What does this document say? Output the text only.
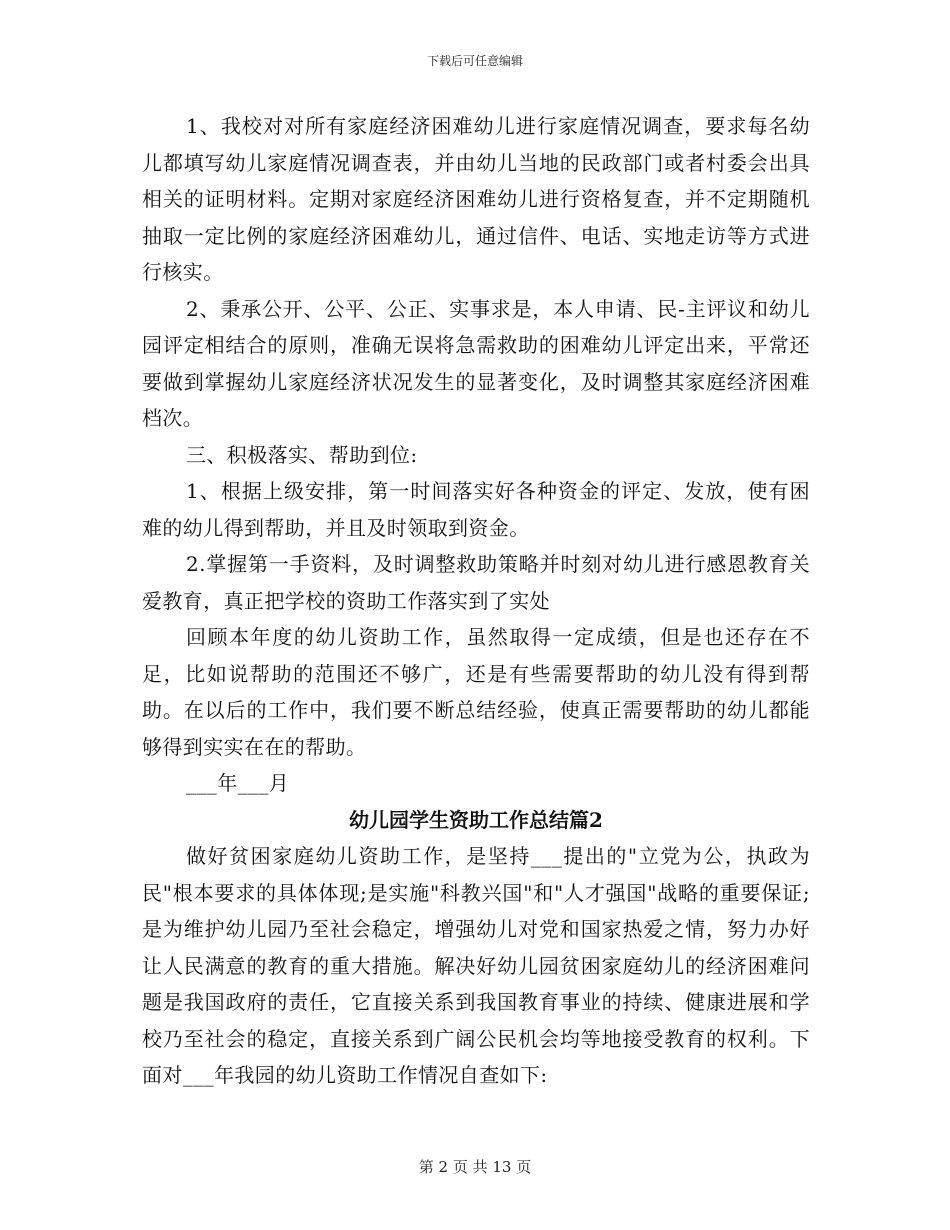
下载后可任意编辑

1、我校对对所有家庭经济困难幼儿进行家庭情况调查，要求每名幼儿都填写幼儿家庭情况调查表，并由幼儿当地的民政部门或者村委会出具相关的证明材料。定期对家庭经济困难幼儿进行资格复查，并不定期随机抽取一定比例的家庭经济困难幼儿，通过信件、电话、实地走访等方式进行核实。

2、秉承公开、公平、公正、实事求是，本人申请、民-主评议和幼儿园评定相结合的原则，准确无误将急需救助的困难幼儿评定出来，平常还要做到掌握幼儿家庭经济状况发生的显著变化，及时调整其家庭经济困难档次。

三、积极落实、帮助到位:

1、根据上级安排，第一时间落实好各种资金的评定、发放，使有困难的幼儿得到帮助，并且及时领取到资金。

2.掌握第一手资料，及时调整救助策略并时刻对幼儿进行感恩教育关爱教育，真正把学校的资助工作落实到了实处

回顾本年度的幼儿资助工作，虽然取得一定成绩，但是也还存在不足，比如说帮助的范围还不够广，还是有些需要帮助的幼儿没有得到帮助。在以后的工作中，我们要不断总结经验，使真正需要帮助的幼儿都能够得到实实在在的帮助。

___年___月

幼儿园学生资助工作总结篇2

做好贫困家庭幼儿资助工作，是坚持___提出的"立党为公，执政为民"根本要求的具体体现;是实施"科教兴国"和"人才强国"战略的重要保证;是为维护幼儿园乃至社会稳定，增强幼儿对党和国家热爱之情，努力办好让人民满意的教育的重大措施。解决好幼儿园贫困家庭幼儿的经济困难问题是我国政府的责任，它直接关系到我国教育事业的持续、健康进展和学校乃至社会的稳定，直接关系到广阔公民机会均等地接受教育的权利。下面对___年我园的幼儿资助工作情况自查如下:

第 2 页 共 13 页
